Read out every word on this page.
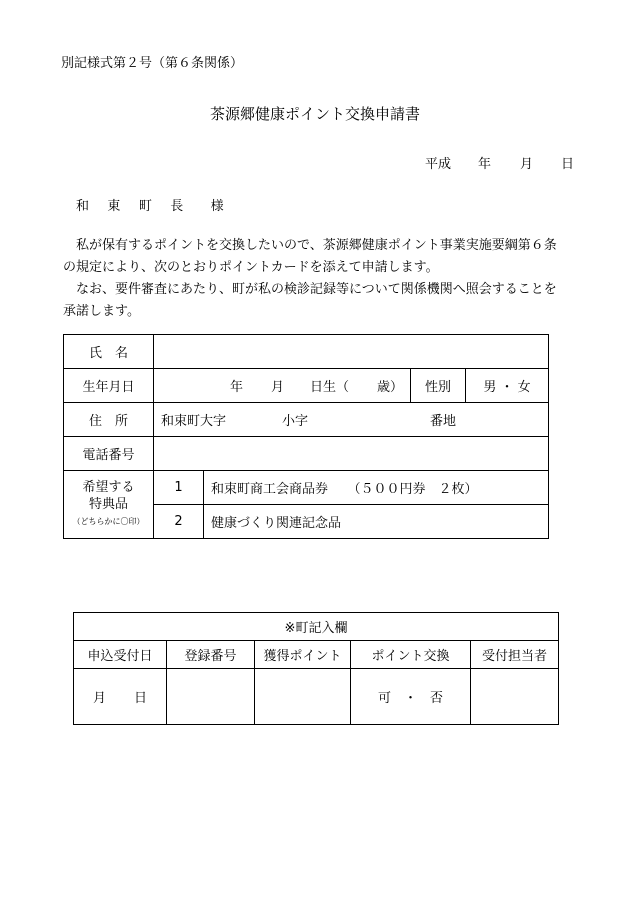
別記様式第２号（第６条関係）
茶源郷健康ポイント交換申請書
平成 年 月 日
和 東 町 長　様

私が保有するポイントを交換したいので、茶源郷健康ポイント事業実施要綱第６条

の規定により、次のとおりポイントカードを添えて申請します。

なお、要件審査にあたり、町が私の検診記録等について関係機関へ照会することを

承諾します。

氏　名				
生年月日	年 月 日生（ 歳）		性別	男 ・ 女
住　所	和束町大字 小字 番地			
電話番号				

希望する
特典品
（どちらかに〇印）	1	和束町商工会商品券　　（５００円券　２枚）		
	2	健康づくり関連記念品		
※町記入欄				
申込受付日	登録番号	獲得ポイント	ポイント交換	受付担当者
月 日			可　・　否	
